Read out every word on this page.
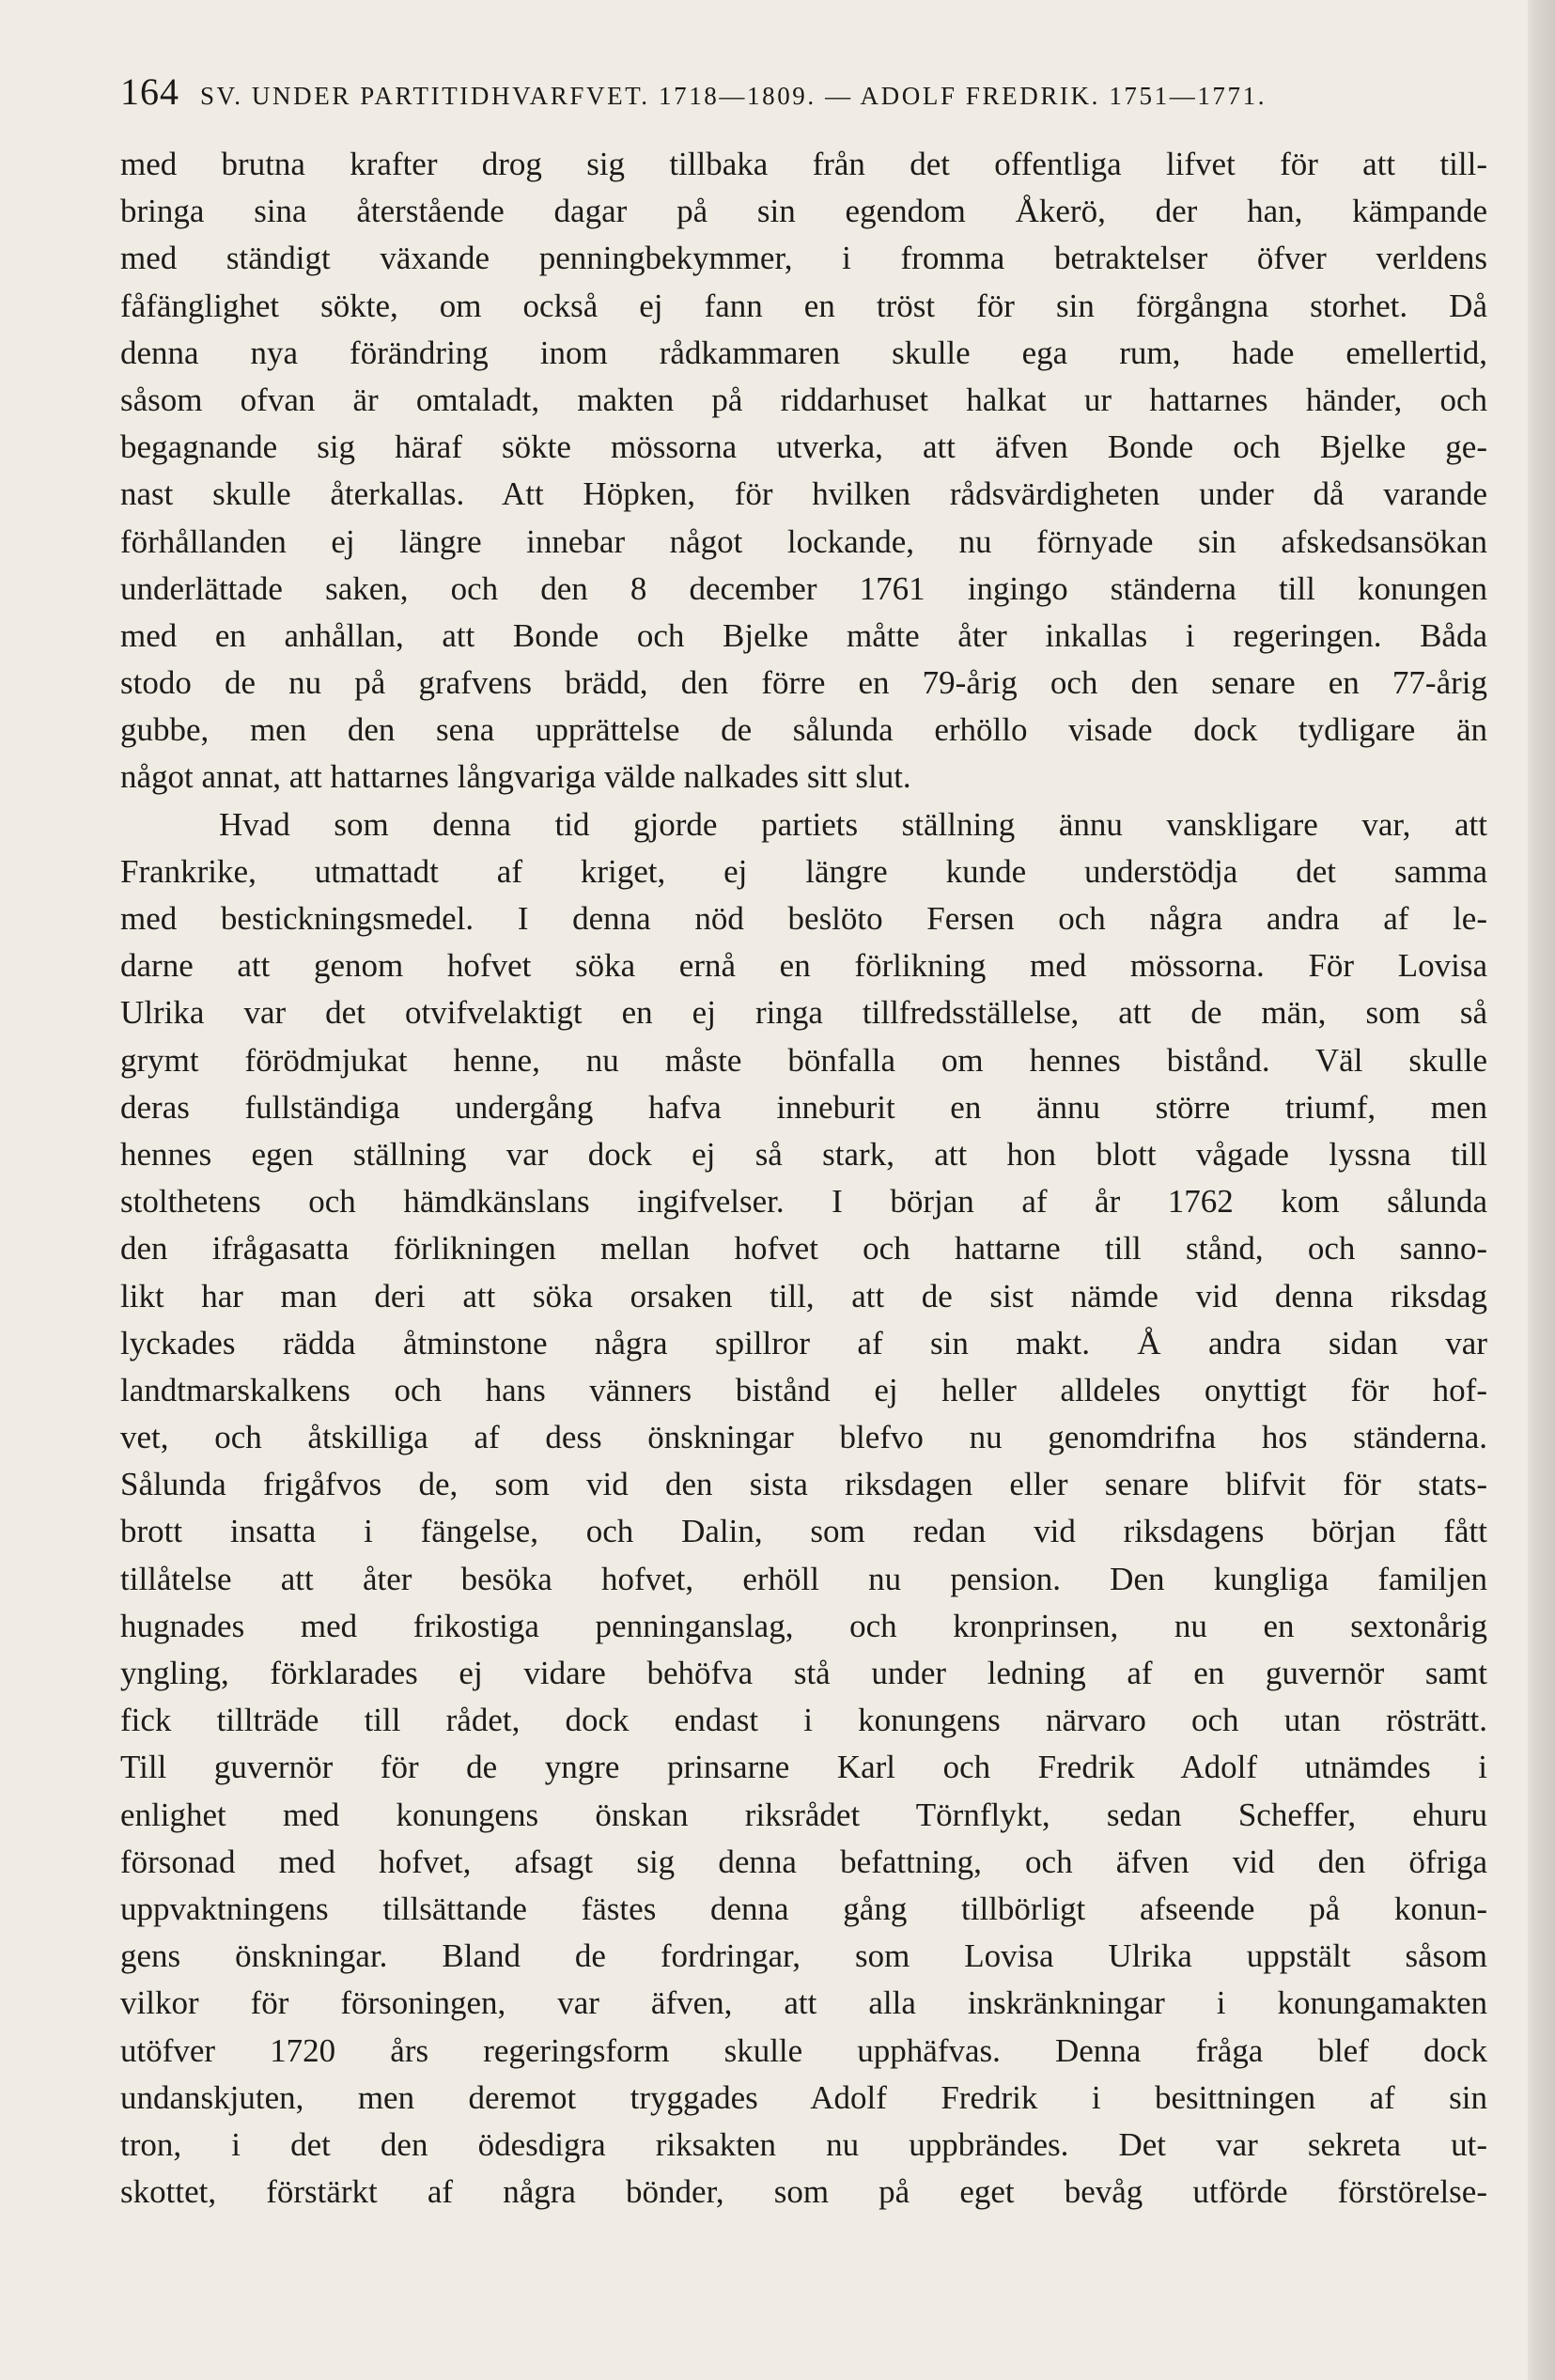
164 SV. UNDER PARTITIDHVARFVET. 1718—1809. — ADOLF FREDRIK. 1751—1771.
med brutna krafter drog sig tillbaka från det offentliga lifvet för att till-
bringa sina återstående dagar på sin egendom Åkerö, der han, kämpande
med ständigt växande penningbekymmer, i fromma betraktelser öfver verldens
fåfänglighet sökte, om också ej fann en tröst för sin förgångna storhet. Då
denna nya förändring inom rådkammaren skulle ega rum, hade emellertid,
såsom ofvan är omtaladt, makten på riddarhuset halkat ur hattarnes händer, och
begagnande sig häraf sökte mössorna utverka, att äfven Bonde och Bjelke ge-
nast skulle återkallas. Att Höpken, för hvilken rådsvärdigheten under då varande
förhållanden ej längre innebar något lockande, nu förnyade sin afskedsansökan
underlättade saken, och den 8 december 1761 ingingo ständerna till konungen
med en anhållan, att Bonde och Bjelke måtte åter inkallas i regeringen. Båda
stodo de nu på grafvens brädd, den förre en 79-årig och den senare en 77-årig
gubbe, men den sena upprättelse de sålunda erhöllo visade dock tydligare än
något annat, att hattarnes långvariga välde nalkades sitt slut.
Hvad som denna tid gjorde partiets ställning ännu vanskligare var, att
Frankrike, utmattadt af kriget, ej längre kunde understödja det samma
med bestickningsmedel. I denna nöd beslöto Fersen och några andra af le-
darne att genom hofvet söka ernå en förlikning med mössorna. För Lovisa
Ulrika var det otvifvelaktigt en ej ringa tillfredsställelse, att de män, som så
grymt förödmjukat henne, nu måste bönfalla om hennes bistånd. Väl skulle
deras fullständiga undergång hafva inneburit en ännu större triumf, men
hennes egen ställning var dock ej så stark, att hon blott vågade lyssna till
stolthetens och hämdkänslans ingifvelser. I början af år 1762 kom sålunda
den ifrågasatta förlikningen mellan hofvet och hattarne till stånd, och sanno-
likt har man deri att söka orsaken till, att de sist nämde vid denna riksdag
lyckades rädda åtminstone några spillror af sin makt. Å andra sidan var
landtmarskalkens och hans vänners bistånd ej heller alldeles onyttigt för hof-
vet, och åtskilliga af dess önskningar blefvo nu genomdrifna hos ständerna.
Sålunda frigåfvos de, som vid den sista riksdagen eller senare blifvit för stats-
brott insatta i fängelse, och Dalin, som redan vid riksdagens början fått
tillåtelse att åter besöka hofvet, erhöll nu pension. Den kungliga familjen
hugnades med frikostiga penninganslag, och kronprinsen, nu en sextonårig
yngling, förklarades ej vidare behöfva stå under ledning af en guvernör samt
fick tillträde till rådet, dock endast i konungens närvaro och utan rösträtt.
Till guvernör för de yngre prinsarne Karl och Fredrik Adolf utnämdes i
enlighet med konungens önskan riksrådet Törnflykt, sedan Scheffer, ehuru
försonad med hofvet, afsagt sig denna befattning, och äfven vid den öfriga
uppvaktningens tillsättande fästes denna gång tillbörligt afseende på konun-
gens önskningar. Bland de fordringar, som Lovisa Ulrika uppstält såsom
vilkor för försoningen, var äfven, att alla inskränkningar i konungamakten
utöfver 1720 års regeringsform skulle upphäfvas. Denna fråga blef dock
undanskjuten, men deremot tryggades Adolf Fredrik i besittningen af sin
tron, i det den ödesdigra riksakten nu uppbrändes. Det var sekreta ut-
skottet, förstärkt af några bönder, som på eget bevåg utförde förstörelse-
